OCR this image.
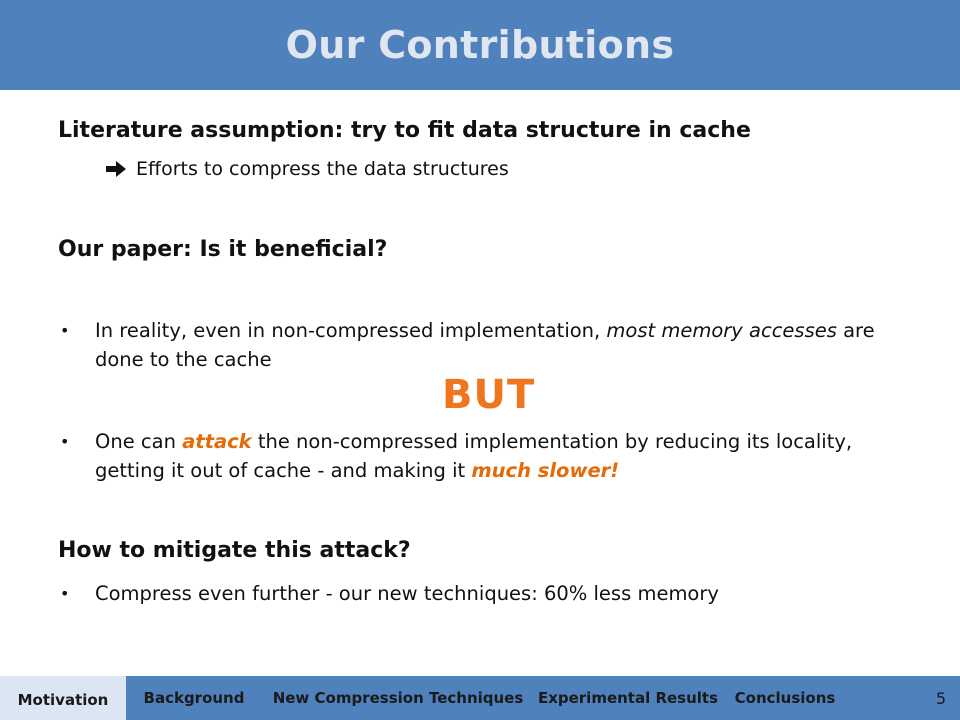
Our Contributions
Literature assumption: try to fit data structure in cache
Efforts to compress the data structures
Our paper: Is it beneficial?
• In reality, even in non-compressed implementation, most memory accesses are done to the cache
BUT
• One can attack the non-compressed implementation by reducing its locality, getting it out of cache - and making it much slower!
How to mitigate this attack?
• Compress even further - our new techniques: 60% less memory
Motivation	Background	New Compression Techniques Experimental Results	Conclusions	5
